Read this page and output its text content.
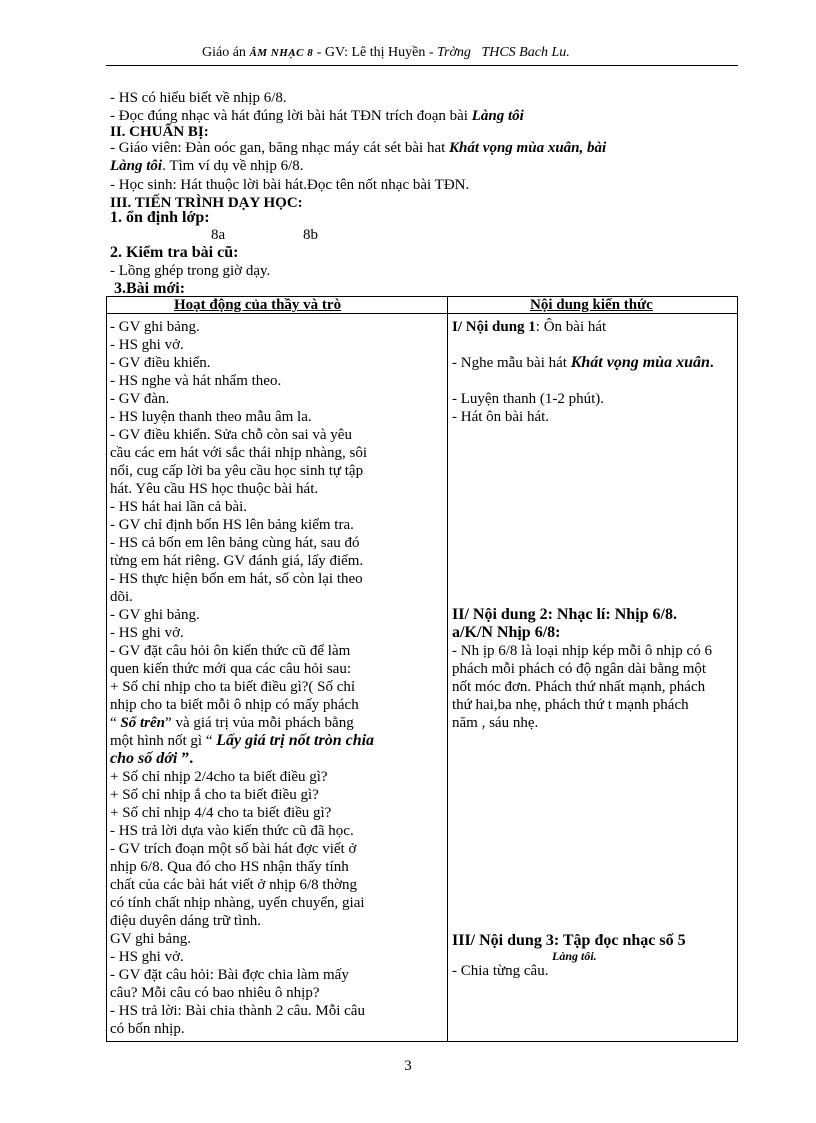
Giáo án ÂM NHẠC 8 - GV: Lê thị Huyền - Trờng THCS Bach Lu.
- HS có hiểu biết về nhịp 6/8.
- Đọc đúng nhạc và hát đúng lời bài hát TĐN trích đoạn bài Làng tôi
II. CHUẨN BỊ:
- Giáo viên: Đàn oóc gan, băng nhạc máy cát sét bài hat Khát vọng mùa xuân, bài
Làng tôi. Tìm ví dụ về nhịp 6/8.
- Học sinh: Hát thuộc lời bài hát.Đọc tên nốt nhạc bài TĐN.
III. TIẾN TRÌNH DẠY HỌC:
1. ổn định lớp:
8a	8b
2. Kiểm tra bài cũ:
- Lồng ghép trong giờ dạy.
3.Bài mới:
Hoạt động của thầy và trò	Nội dung kiến thức

- GV ghi bảng.

- HS ghi vở.

- GV điều khiển.

- HS nghe và hát nhẩm theo.

- GV đàn.

- HS luyện thanh theo mẫu âm la.

- GV điều khiển. Sửa chỗ còn sai và yêu

cầu các em hát với sắc thái nhịp nhàng, sôi

nổi, cug cấp lời ba yêu cầu học sinh tự tập

hát. Yêu cầu HS học thuộc bài hát.

- HS hát hai lần cả bài.

- GV chỉ định bốn HS lên bảng kiểm tra.

- HS cả bốn em lên bảng cùng hát, sau đó

từng em hát riêng. GV đánh giá, lấy điểm.

- HS thực hiện bốn em hát, số còn lại theo

dõi.

- GV ghi bảng.

- HS ghi vở.

- GV đặt câu hỏi ôn kiến thức cũ để làm

quen kiến thức mới qua các câu hỏi sau:

+ Số chỉ nhịp cho ta biết điều gì?( Số chỉ

nhịp cho ta biết mỗi ô nhịp có mấy phách

“ Số trên” và giá trị vủa mỗi phách bằng

một hình nốt gì “ Lấy giá trị nốt tròn chia

cho số dới ”.

+ Số chỉ nhịp 2/4cho ta biết điều gì?

+ Số chỉ nhịp ắ cho ta biết điều gì?

+ Số chỉ nhịp 4/4 cho ta biết điều gì?

- HS trả lời dựa vào kiến thức cũ đã học.

- GV trích đoạn một số bài hát đợc viết ở

nhịp 6/8. Qua đó cho HS nhận thấy tính

chất của các bài hát viết ở nhịp 6/8 thờng

có tính chất nhịp nhàng, uyển chuyển, giai

điệu duyên dáng trữ tình.

GV ghi bảng.

- HS ghi vở.

- GV đặt câu hỏi: Bài đợc chia làm mấy

câu? Mỗi câu có bao nhiêu ô nhịp?

- HS trả lời: Bài chia thành 2 câu. Mỗi câu

có bốn nhịp.

I/ Nội dung 1: Ôn bài hát

- Nghe mẫu bài hát Khát vọng mùa xuân.

- Luyện thanh (1-2 phút).

- Hát ôn bài hát.

II/ Nội dung 2: Nhạc lí: Nhịp 6/8.

a/K/N Nhịp 6/8:

- Nh ịp 6/8 là loại nhịp kép mỗi ô nhịp có 6

phách mỗi phách có độ ngân dài bằng một

nốt móc đơn. Phách thứ nhất mạnh, phách

thứ hai,ba nhẹ, phách thứ t mạnh phách

năm , sáu nhẹ.

III/ Nội dung 3: Tập đọc nhạc số 5

Làng tôi.

- Chia từng câu.

3
